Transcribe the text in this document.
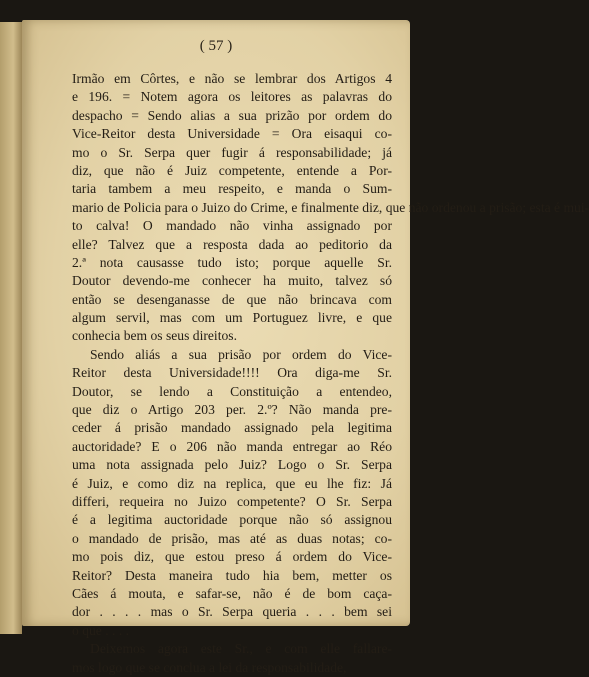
( 57 )
Irmão em Côrtes, e não se lembrar dos Artigos 4
e 196. = Notem agora os leitores as palavras do
despacho = Sendo alias a sua prizão por ordem do
Vice-Reitor desta Universidade = Ora eisaqui co-
mo o Sr. Serpa quer fugir á responsabilidade; já
diz, que não é Juiz competente, entende a Por-
taria tambem a meu respeito, e manda o Sum-
mario de Policia para o Juizo do Crime, e finalmente diz, que não ordenou a prisão; esta é mui-
to calva! O mandado não vinha assignado por
elle? Talvez que a resposta dada ao peditorio da
2.ª nota causasse tudo isto; porque aquelle Sr.
Doutor devendo-me conhecer ha muito, talvez só
então se desenganasse de que não brincava com
algum servil, mas com um Portuguez livre, e que
conhecia bem os seus direitos.
Sendo aliás a sua prisão por ordem do Vice-
Reitor desta Universidade!!!! Ora diga-me Sr.
Doutor, se lendo a Constituição a entendeo,
que diz o Artigo 203 per. 2.º? Não manda pre-
ceder á prisão mandado assignado pela legitima
auctoridade? E o 206 não manda entregar ao Réo
uma nota assignada pelo Juiz? Logo o Sr. Serpa
é Juiz, e como diz na replica, que eu lhe fiz: Já
differi, requeira no Juizo competente? O Sr. Serpa
é a legitima auctoridade porque não só assignou
o mandado de prisão, mas até as duas notas; co-
mo pois diz, que estou preso á ordem do Vice-
Reitor? Desta maneira tudo hia bem, metter os
Cães á mouta, e safar-se, não é de bom caça-
dor . . . . mas o Sr. Serpa queria . . . bem sei
o que . . . .
Deixemos agora este Sr., e com elle fallare-
mos logo que se conclua a lei da responsabilidade,
